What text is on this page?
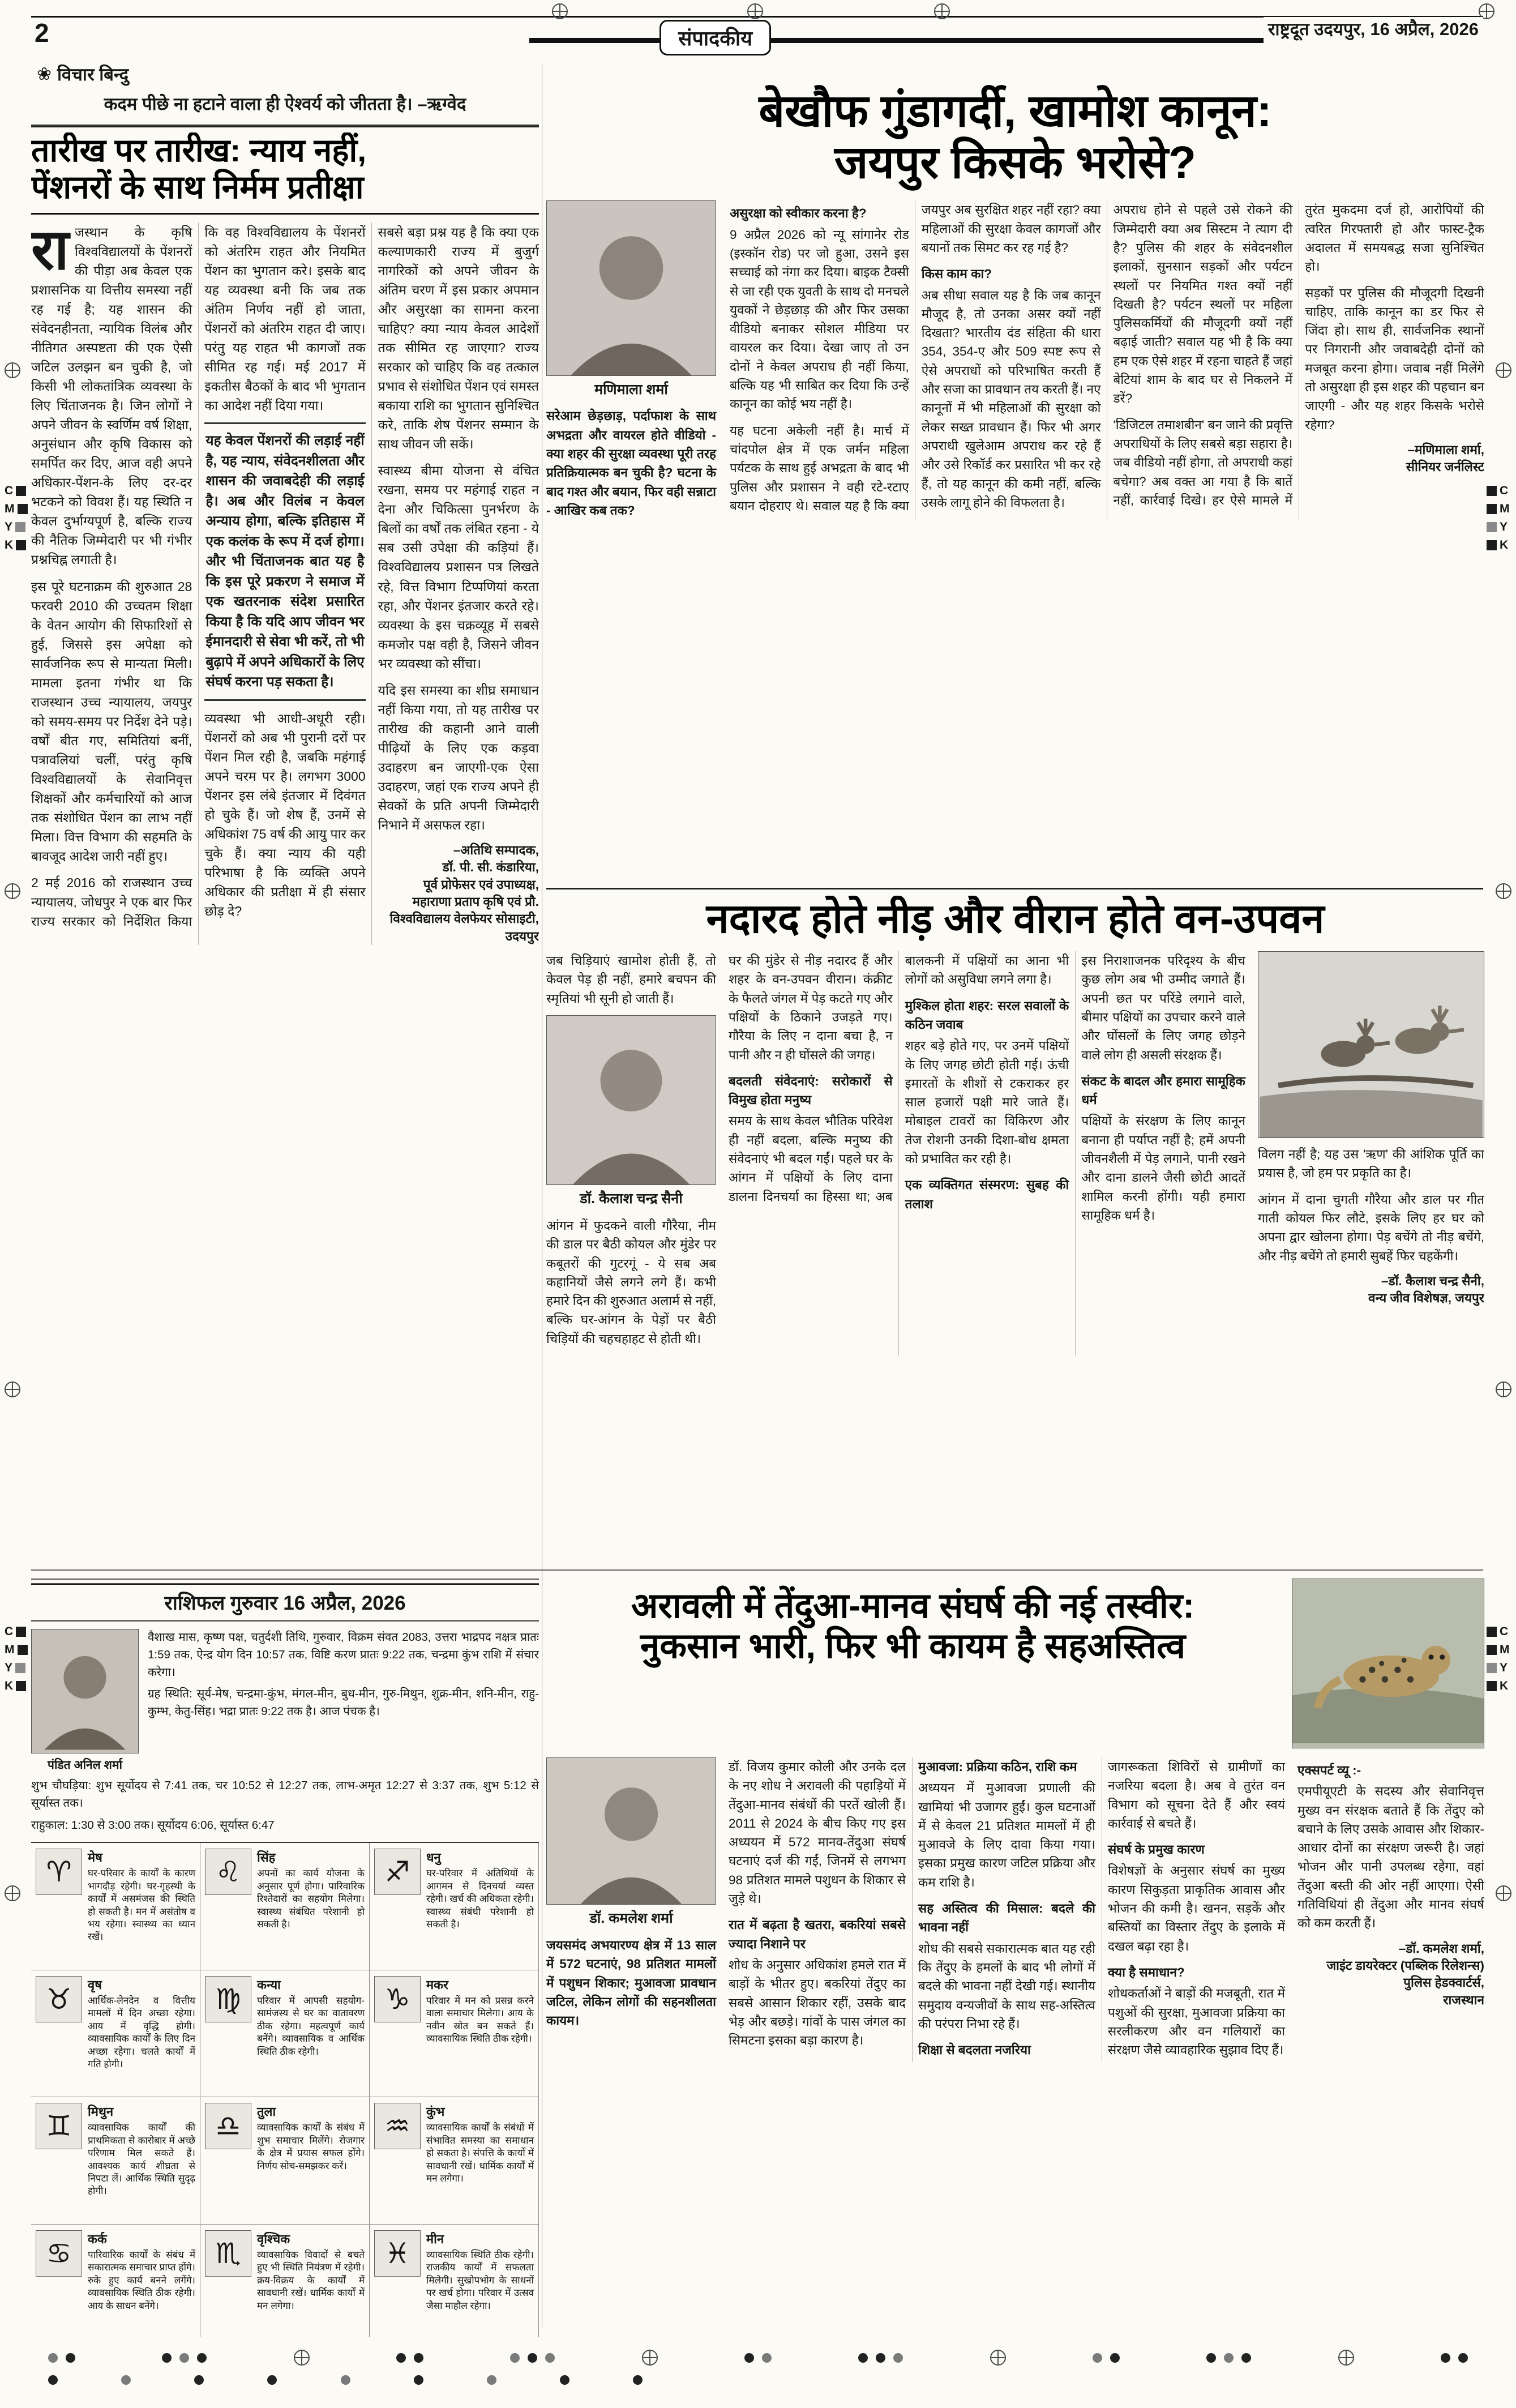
2	राष्ट्रदूत उदयपुर, 16 अप्रैल, 2026
संपादकीय
❀ विचार बिन्दु
कदम पीछे ना हटाने वाला ही ऐश्वर्य को जीतता है। –ऋग्वेद
तारीख पर तारीख: न्याय नहीं,
पेंशनरों के साथ निर्मम प्रतीक्षा

राजस्थान के कृषि विश्वविद्यालयों के पेंशनरों की पीड़ा अब केवल एक प्रशासनिक या वित्तीय समस्या नहीं रह गई है; यह शासन की संवेदनहीनता, न्यायिक विलंब और नीतिगत अस्पष्टता की एक ऐसी जटिल उलझन बन चुकी है, जो किसी भी लोकतांत्रिक व्यवस्था के लिए चिंताजनक है। जिन लोगों ने अपने जीवन के स्वर्णिम वर्ष शिक्षा, अनुसंधान और कृषि विकास को समर्पित कर दिए, आज वही अपने अधिकार-पेंशन-के लिए दर-दर भटकने को विवश हैं। यह स्थिति न केवल दुर्भाग्यपूर्ण है, बल्कि राज्य की नैतिक जिम्मेदारी पर भी गंभीर प्रश्नचिह्न लगाती है।

इस पूरे घटनाक्रम की शुरुआत 28 फरवरी 2010 की उच्चतम शिक्षा के वेतन आयोग की सिफारिशों से हुई, जिससे इस अपेक्षा को सार्वजनिक रूप से मान्यता मिली। मामला इतना गंभीर था कि राजस्थान उच्च न्यायालय, जयपुर को समय-समय पर निर्देश देने पड़े। वर्षों बीत गए, समितियां बनीं, पत्रावलियां चलीं, परंतु कृषि विश्वविद्यालयों के सेवानिवृत्त शिक्षकों और कर्मचारियों को आज तक संशोधित पेंशन का लाभ नहीं मिला। वित्त विभाग की सहमति के बावजूद आदेश जारी नहीं हुए।

2 मई 2016 को राजस्थान उच्च न्यायालय, जोधपुर ने एक बार फिर राज्य सरकार को निर्देशित किया कि वह विश्वविद्यालय के पेंशनरों को अंतरिम राहत और नियमित पेंशन का भुगतान करे। इसके बाद यह व्यवस्था बनी कि जब तक अंतिम निर्णय नहीं हो जाता, पेंशनरों को अंतरिम राहत दी जाए। परंतु यह राहत भी कागजों तक सीमित रह गई। मई 2017 में इकतीस बैठकों के बाद भी भुगतान का आदेश नहीं दिया गया।

यह केवल पेंशनरों की लड़ाई नहीं है, यह न्याय, संवेदनशीलता और शासन की जवाबदेही की लड़ाई है। अब और विलंब न केवल अन्याय होगा, बल्कि इतिहास में एक कलंक के रूप में दर्ज होगा। और भी चिंताजनक बात यह है कि इस पूरे प्रकरण ने समाज में एक खतरनाक संदेश प्रसारित किया है कि यदि आप जीवन भर ईमानदारी से सेवा भी करें, तो भी बुढ़ापे में अपने अधिकारों के लिए संघर्ष करना पड़ सकता है।

व्यवस्था भी आधी-अधूरी रही। पेंशनरों को अब भी पुरानी दरों पर पेंशन मिल रही है, जबकि महंगाई अपने चरम पर है। लगभग 3000 पेंशनर इस लंबे इंतजार में दिवंगत हो चुके हैं। जो शेष हैं, उनमें से अधिकांश 75 वर्ष की आयु पार कर चुके हैं। क्या न्याय की यही परिभाषा है कि व्यक्ति अपने अधिकार की प्रतीक्षा में ही संसार छोड़ दे?

सबसे बड़ा प्रश्न यह है कि क्या एक कल्याणकारी राज्य में बुजुर्ग नागरिकों को अपने जीवन के अंतिम चरण में इस प्रकार अपमान और असुरक्षा का सामना करना चाहिए? क्या न्याय केवल आदेशों तक सीमित रह जाएगा? राज्य सरकार को चाहिए कि वह तत्काल प्रभाव से संशोधित पेंशन एवं समस्त बकाया राशि का भुगतान सुनिश्चित करे, ताकि शेष पेंशनर सम्मान के साथ जीवन जी सकें।

स्वास्थ्य बीमा योजना से वंचित रखना, समय पर महंगाई राहत न देना और चिकित्सा पुनर्भरण के बिलों का वर्षों तक लंबित रहना - ये सब उसी उपेक्षा की कड़ियां हैं। विश्वविद्यालय प्रशासन पत्र लिखते रहे, वित्त विभाग टिप्पणियां करता रहा, और पेंशनर इंतजार करते रहे। व्यवस्था के इस चक्रव्यूह में सबसे कमजोर पक्ष वही है, जिसने जीवन भर व्यवस्था को सींचा।

यदि इस समस्या का शीघ्र समाधान नहीं किया गया, तो यह तारीख पर तारीख की कहानी आने वाली पीढ़ियों के लिए एक कड़वा उदाहरण बन जाएगी-एक ऐसा उदाहरण, जहां एक राज्य अपने ही सेवकों के प्रति अपनी जिम्मेदारी निभाने में असफल रहा।

–अतिथि सम्पादक,
डॉ. पी. सी. कंडारिया,
पूर्व प्रोफेसर एवं उपाध्यक्ष,
महाराणा प्रताप कृषि एवं प्रौ. विश्वविद्यालय वेलफेयर सोसाइटी, उदयपुर
बेखौफ गुंडागर्दी, खामोश कानून:
जयपुर किसके भरोसे?
मणिमाला शर्मा
सरेआम छेड़छाड़, पर्दाफाश के साथ अभद्रता और वायरल होते वीडियो - क्या शहर की सुरक्षा व्यवस्था पूरी तरह प्रतिक्रियात्मक बन चुकी है? घटना के बाद गश्त और बयान, फिर वही सन्नाटा - आखिर कब तक?
असुरक्षा को स्वीकार करना है?

9 अप्रैल 2026 को न्यू सांगानेर रोड (इस्कॉन रोड) पर जो हुआ, उसने इस सच्चाई को नंगा कर दिया। बाइक टैक्सी से जा रही एक युवती के साथ दो मनचले युवकों ने छेड़छाड़ की और फिर उसका वीडियो बनाकर सोशल मीडिया पर वायरल कर दिया। देखा जाए तो उन दोनों ने केवल अपराध ही नहीं किया, बल्कि यह भी साबित कर दिया कि उन्हें कानून का कोई भय नहीं है।

यह घटना अकेली नहीं है। मार्च में चांदपोल क्षेत्र में एक जर्मन महिला पर्यटक के साथ हुई अभद्रता के बाद भी पुलिस और प्रशासन ने वही रटे-रटाए बयान दोहराए थे। सवाल यह है कि क्या जयपुर अब सुरक्षित शहर नहीं रहा? क्या महिलाओं की सुरक्षा केवल कागजों और बयानों तक सिमट कर रह गई है?

किस काम का?

अब सीधा सवाल यह है कि जब कानून मौजूद है, तो उनका असर क्यों नहीं दिखता? भारतीय दंड संहिता की धारा 354, 354-ए और 509 स्पष्ट रूप से ऐसे अपराधों को परिभाषित करती हैं और सजा का प्रावधान तय करती हैं। नए कानूनों में भी महिलाओं की सुरक्षा को लेकर सख्त प्रावधान हैं। फिर भी अगर अपराधी खुलेआम अपराध कर रहे हैं और उसे रिकॉर्ड कर प्रसारित भी कर रहे हैं, तो यह कानून की कमी नहीं, बल्कि उसके लागू होने की विफलता है।

अपराध होने से पहले उसे रोकने की जिम्मेदारी क्या अब सिस्टम ने त्याग दी है? पुलिस की शहर के संवेदनशील इलाकों, सुनसान सड़कों और पर्यटन स्थलों पर नियमित गश्त क्यों नहीं दिखती है? पर्यटन स्थलों पर महिला पुलिसकर्मियों की मौजूदगी क्यों नहीं बढ़ाई जाती? सवाल यह भी है कि क्या हम एक ऐसे शहर में रहना चाहते हैं जहां बेटियां शाम के बाद घर से निकलने में डरें?

'डिजिटल तमाशबीन' बन जाने की प्रवृत्ति अपराधियों के लिए सबसे बड़ा सहारा है। जब वीडियो नहीं होगा, तो अपराधी कहां बचेगा? अब वक्त आ गया है कि बातें नहीं, कार्रवाई दिखे। हर ऐसे मामले में तुरंत मुकदमा दर्ज हो, आरोपियों की त्वरित गिरफ्तारी हो और फास्ट-ट्रैक अदालत में समयबद्ध सजा सुनिश्चित हो।

सड़कों पर पुलिस की मौजूदगी दिखनी चाहिए, ताकि कानून का डर फिर से जिंदा हो। साथ ही, सार्वजनिक स्थानों पर निगरानी और जवाबदेही दोनों को मजबूत करना होगा। जवाब नहीं मिलेंगे तो असुरक्षा ही इस शहर की पहचान बन जाएगी - और यह शहर किसके भरोसे रहेगा?

–मणिमाला शर्मा,
सीनियर जर्नलिस्ट
नदारद होते नीड़ और वीरान होते वन-उपवन

जब चिड़ियाएं खामोश होती हैं, तो केवल पेड़ ही नहीं, हमारे बचपन की स्मृतियां भी सूनी हो जाती हैं।

डॉ. कैलाश चन्द्र सैनी

आंगन में फुदकने वाली गौरैया, नीम की डाल पर बैठी कोयल और मुंडेर पर कबूतरों की गुटरगूं - ये सब अब कहानियों जैसे लगने लगे हैं। कभी हमारे दिन की शुरुआत अलार्म से नहीं, बल्कि घर-आंगन के पेड़ों पर बैठी चिड़ियों की चहचहाहट से होती थी।

घर की मुंडेर से नीड़ नदारद हैं और शहर के वन-उपवन वीरान। कंक्रीट के फैलते जंगल में पेड़ कटते गए और पक्षियों के ठिकाने उजड़ते गए। गौरैया के लिए न दाना बचा है, न पानी और न ही घोंसले की जगह।

बदलती संवेदनाएं: सरोकारों से विमुख होता मनुष्य

समय के साथ केवल भौतिक परिवेश ही नहीं बदला, बल्कि मनुष्य की संवेदनाएं भी बदल गईं। पहले घर के आंगन में पक्षियों के लिए दाना डालना दिनचर्या का हिस्सा था; अब बालकनी में पक्षियों का आना भी लोगों को असुविधा लगने लगा है।

मुश्किल होता शहर: सरल सवालों के कठिन जवाब

शहर बड़े होते गए, पर उनमें पक्षियों के लिए जगह छोटी होती गई। ऊंची इमारतों के शीशों से टकराकर हर साल हजारों पक्षी मारे जाते हैं। मोबाइल टावरों का विकिरण और तेज रोशनी उनकी दिशा-बोध क्षमता को प्रभावित कर रही है।

एक व्यक्तिगत संस्मरण: सुबह की तलाश

इस निराशाजनक परिदृश्य के बीच कुछ लोग अब भी उम्मीद जगाते हैं। अपनी छत पर परिंडे लगाने वाले, बीमार पक्षियों का उपचार करने वाले और घोंसलों के लिए जगह छोड़ने वाले लोग ही असली संरक्षक हैं।

संकट के बादल और हमारा सामूहिक धर्म

पक्षियों के संरक्षण के लिए कानून बनाना ही पर्याप्त नहीं है; हमें अपनी जीवनशैली में पेड़ लगाने, पानी रखने और दाना डालने जैसी छोटी आदतें शामिल करनी होंगी। यही हमारा सामूहिक धर्म है।

विलग नहीं है; यह उस 'ऋण' की आंशिक पूर्ति का प्रयास है, जो हम पर प्रकृति का है।

आंगन में दाना चुगती गौरैया और डाल पर गीत गाती कोयल फिर लौटे, इसके लिए हर घर को अपना द्वार खोलना होगा। पेड़ बचेंगे तो नीड़ बचेंगे, और नीड़ बचेंगे तो हमारी सुबहें फिर चहकेंगी।

–डॉ. कैलाश चन्द्र सैनी,
वन्य जीव विशेषज्ञ, जयपुर
राशिफल गुरुवार 16 अप्रैल, 2026
पंडित अनिल शर्मा

वैशाख मास, कृष्ण पक्ष, चतुर्दशी तिथि, गुरुवार, विक्रम संवत 2083, उत्तरा भाद्रपद नक्षत्र प्रातः 1:59 तक, ऐन्द्र योग दिन 10:57 तक, विष्टि करण प्रातः 9:22 तक, चन्द्रमा कुंभ राशि में संचार करेगा।

ग्रह स्थिति: सूर्य-मेष, चन्द्रमा-कुंभ, मंगल-मीन, बुध-मीन, गुरु-मिथुन, शुक्र-मीन, शनि-मीन, राहु-कुम्भ, केतु-सिंह। भद्रा प्रातः 9:22 तक है। आज पंचक है।

शुभ चौघड़िया: शुभ सूर्योदय से 7:41 तक, चर 10:52 से 12:27 तक, लाभ-अमृत 12:27 से 3:37 तक, शुभ 5:12 से सूर्यास्त तक।
राहुकाल: 1:30 से 3:00 तक। सूर्योदय 6:06, सूर्यास्त 6:47
♈ मेष
घर-परिवार के कार्यों के कारण भागदौड़ रहेगी। घर-गृहस्थी के कार्यों में असमंजस की स्थिति हो सकती है। मन में असंतोष व भय रहेगा। स्वास्थ्य का ध्यान रखें।
♉ वृष
आर्थिक-लेनदेन व वित्तीय मामलों में दिन अच्छा रहेगा। आय में वृद्धि होगी। व्यावसायिक कार्यों के लिए दिन अच्छा रहेगा। चलते कार्यों में गति होगी।
♊ मिथुन
व्यावसायिक कार्यों की प्राथमिकता से कारोबार में अच्छे परिणाम मिल सकते हैं। आवश्यक कार्य शीघ्रता से निपटा लें। आर्थिक स्थिति सुदृढ़ होगी।
♋ कर्क
पारिवारिक कार्यों के संबंध में सकारात्मक समाचार प्राप्त होंगे। रुके हुए कार्य बनने लगेंगे। व्यावसायिक स्थिति ठीक रहेगी। आय के साधन बनेंगे।
♌ सिंह
अपनों का कार्य योजना के अनुसार पूर्ण होगा। पारिवारिक रिश्तेदारों का सहयोग मिलेगा। स्वास्थ्य संबंधित परेशानी हो सकती है।
♍ कन्या
परिवार में आपसी सहयोग-सामंजस्य से घर का वातावरण ठीक रहेगा। महत्वपूर्ण कार्य बनेंगे। व्यावसायिक व आर्थिक स्थिति ठीक रहेगी।
♎ तुला
व्यावसायिक कार्यों के संबंध में शुभ समाचार मिलेंगे। रोजगार के क्षेत्र में प्रयास सफल होंगे। निर्णय सोच-समझकर करें।
♏ वृश्चिक
व्यावसायिक विवादों से बचते हुए भी स्थिति नियंत्रण में रहेगी। क्रय-विक्रय के कार्यों में सावधानी रखें। धार्मिक कार्यों में मन लगेगा।
♐ धनु
घर-परिवार में अतिथियों के आगमन से दिनचर्या व्यस्त रहेगी। खर्च की अधिकता रहेगी। स्वास्थ्य संबंधी परेशानी हो सकती है।
♑ मकर
परिवार में मन को प्रसन्न करने वाला समाचार मिलेगा। आय के नवीन स्रोत बन सकते हैं। व्यावसायिक स्थिति ठीक रहेगी।
♒ कुंभ
व्यावसायिक कार्यों के संबंधों में संभावित समस्या का समाधान हो सकता है। संपत्ति के कार्यों में सावधानी रखें। धार्मिक कार्यों में मन लगेगा।
♓ मीन
व्यावसायिक स्थिति ठीक रहेगी। राजकीय कार्यों में सफलता मिलेगी। सुखोपभोग के साधनों पर खर्च होगा। परिवार में उत्सव जैसा माहौल रहेगा।
अरावली में तेंदुआ-मानव संघर्ष की नई तस्वीर:
नुकसान भारी, फिर भी कायम है सहअस्तित्व
डॉ. कमलेश शर्मा
जयसमंद अभयारण्य क्षेत्र में 13 साल में 572 घटनाएं, 98 प्रतिशत मामलों में पशुधन शिकार; मुआवजा प्रावधान जटिल, लेकिन लोगों की सहनशीलता कायम।

डॉ. विजय कुमार कोली और उनके दल के नए शोध ने अरावली की पहाड़ियों में तेंदुआ-मानव संबंधों की परतें खोली हैं। 2011 से 2024 के बीच किए गए इस अध्ययन में 572 मानव-तेंदुआ संघर्ष घटनाएं दर्ज की गईं, जिनमें से लगभग 98 प्रतिशत मामले पशुधन के शिकार से जुड़े थे।

रात में बढ़ता है खतरा, बकरियां सबसे ज्यादा निशाने पर

शोध के अनुसार अधिकांश हमले रात में बाड़ों के भीतर हुए। बकरियां तेंदुए का सबसे आसान शिकार रहीं, उसके बाद भेड़ और बछड़े। गांवों के पास जंगल का सिमटना इसका बड़ा कारण है।

मुआवजा: प्रक्रिया कठिन, राशि कम

अध्ययन में मुआवजा प्रणाली की खामियां भी उजागर हुईं। कुल घटनाओं में से केवल 21 प्रतिशत मामलों में ही मुआवजे के लिए दावा किया गया। इसका प्रमुख कारण जटिल प्रक्रिया और कम राशि है।

सह अस्तित्व की मिसाल: बदले की भावना नहीं

शोध की सबसे सकारात्मक बात यह रही कि तेंदुए के हमलों के बाद भी लोगों में बदले की भावना नहीं देखी गई। स्थानीय समुदाय वन्यजीवों के साथ सह-अस्तित्व की परंपरा निभा रहे हैं।

शिक्षा से बदलता नजरिया

जागरूकता शिविरों से ग्रामीणों का नजरिया बदला है। अब वे तुरंत वन विभाग को सूचना देते हैं और स्वयं कार्रवाई से बचते हैं।

संघर्ष के प्रमुख कारण

विशेषज्ञों के अनुसार संघर्ष का मुख्य कारण सिकुड़ता प्राकृतिक आवास और भोजन की कमी है। खनन, सड़कें और बस्तियों का विस्तार तेंदुए के इलाके में दखल बढ़ा रहा है।

क्या है समाधान?

शोधकर्ताओं ने बाड़ों की मजबूती, रात में पशुओं की सुरक्षा, मुआवजा प्रक्रिया का सरलीकरण और वन गलियारों का संरक्षण जैसे व्यावहारिक सुझाव दिए हैं।

एक्सपर्ट व्यू :-

एमपीयूएटी के सदस्य और सेवानिवृत्त मुख्य वन संरक्षक बताते हैं कि तेंदुए को बचाने के लिए उसके आवास और शिकार-आधार दोनों का संरक्षण जरूरी है। जहां भोजन और पानी उपलब्ध रहेगा, वहां तेंदुआ बस्ती की ओर नहीं आएगा। ऐसी गतिविधियां ही तेंदुआ और मानव संघर्ष को कम करती हैं।

–डॉ. कमलेश शर्मा,
जाइंट डायरेक्टर (पब्लिक रिलेशन्स) पुलिस हेडक्वार्टर्स,
राजस्थान
C
M
Y
K
C
M
Y
K
C
M
Y
K
C
M
Y
K
